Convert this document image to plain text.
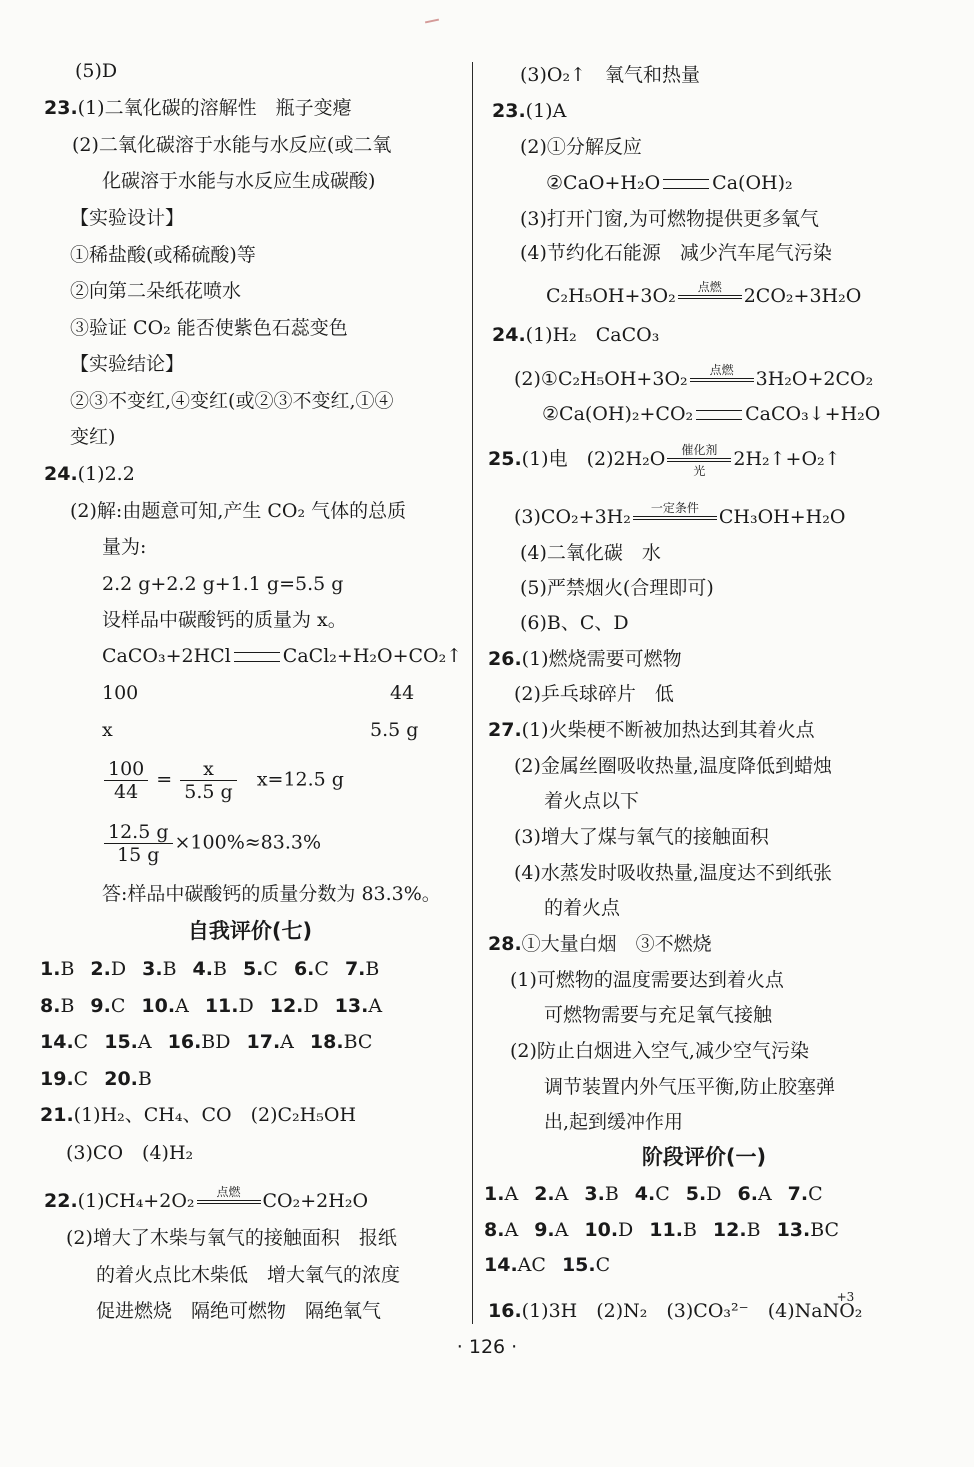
(5)D
23.(1)二氧化碳的溶解性　瓶子变瘪
(2)二氧化碳溶于水能与水反应(或二氧
化碳溶于水能与水反应生成碳酸)
【实验设计】
①稀盐酸(或稀硫酸)等
②向第二朵纸花喷水
③验证 CO₂ 能否使紫色石蕊变色
【实验结论】
②③不变红,④变红(或②③不变红,①④
变红)
24.(1)2.2
(2)解:由题意可知,产生 CO₂ 气体的总质
量为:
2.2 g+2.2 g+1.1 g=5.5 g
设样品中碳酸钙的质量为 x。
100	44
x	5.5 g
答:样品中碳酸钙的质量分数为 83.3%。
(3)CO　(4)H₂
(2)增大了木柴与氧气的接触面积　报纸
的着火点比木柴低　增大氧气的浓度
促进燃烧　隔绝可燃物　隔绝氧气
CaCO₃+2HCl	CaCl₂+H₂O+CO₂↑
$\frac{100}{44} = \frac{x}{5.5 g} x=12.5$ g
$\frac{12.5 g}{15 g} \times 100\%\approx 83.3\%$
自我评价(七)
1.B 2.D 3.B 4.B 5.C 6.C 7.B
8.B 9.C 10.A 11.D 12.D 13.A
14.C 15.A 16.BD 17.A 18.BC
19.C 20.B
21.(1)H₂、CH₄、CO　(2)C₂H₅OH
22.(1)CH₄+2O₂	点燃	CO₂+2H₂O
(3)O₂↑　氧气和热量
23.(1)A
(2)①分解反应
(3)打开门窗,为可燃物提供更多氧气
(4)节约化石能源　减少汽车尾气污染
24.(1)H₂　CaCO₃
(4)二氧化碳　水
(5)严禁烟火(合理即可)
(6)B、C、D
26.(1)燃烧需要可燃物
(2)乒乓球碎片　低
27.(1)火柴梗不断被加热达到其着火点
(2)金属丝圈吸收热量,温度降低到蜡烛
着火点以下
(3)增大了煤与氧气的接触面积
(4)水蒸发时吸收热量,温度达不到纸张
的着火点
28.①大量白烟　③不燃烧
(1)可燃物的温度需要达到着火点
可燃物需要与充足氧气接触
(2)防止白烟进入空气,减少空气污染
调节装置内外气压平衡,防止胶塞弹
出,起到缓冲作用
②CaO+H₂O	Ca(OH)₂
C₂H₅OH+3O₂	点燃	2CO₂+3H₂O
(2)①C₂H₅OH+3O₂	点燃	3H₂O+2CO₂
②Ca(OH)₂+CO₂	CaCO₃↓+H₂O
25.(1)电　(2)2H₂O	催化剂
光
2H₂↑+O₂↑
(3)CO₂+3H₂	一定条件	CH₃OH+H₂O
阶段评价(一)
1.A 2.A 3.B 4.C 5.D 6.A 7.C
8.A 9.A 10.D 11.B 12.B 13.BC
14.AC 15.C
16.(1)3H　(2)N₂　(3)CO₃²⁻　(4)Na
+3
NO₂
· 126 ·
